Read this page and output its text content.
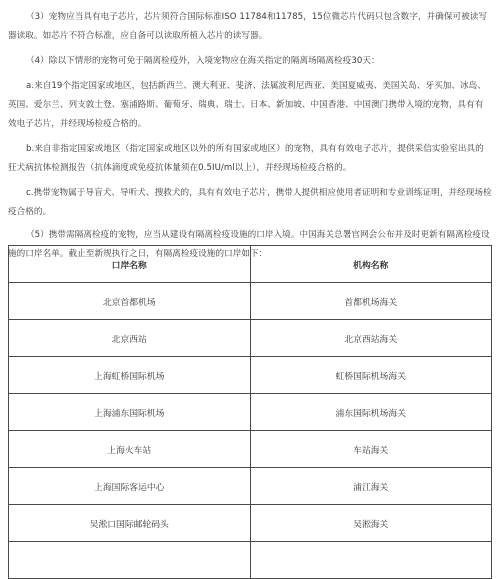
（3）宠物应当具有电子芯片，芯片须符合国际标准ISO 11784和11785，15位微芯片代码只包含数字，并确保可被读写器读取。如芯片不符合标准，应自备可以读取所植入芯片的读写器。

（4）除以下情形的宠物可免于隔离检疫外，入境宠物应在海关指定的隔离场隔离检疫30天：

a.来自19个指定国家或地区，包括新西兰、澳大利亚、斐济、法属波利尼西亚、美国夏威夷、美国关岛、牙买加、冰岛、英国、爱尔兰、列支敦士登、塞浦路斯、葡萄牙、瑞典、瑞士、日本、新加坡、中国香港、中国澳门携带入境的宠物，具有有效电子芯片，并经现场检疫合格的。

b.来自非指定国家或地区（指定国家或地区以外的所有国家或地区）的宠物，具有有效电子芯片，提供采信实验室出具的狂犬病抗体检测报告（抗体滴度或免疫抗体量须在0.5IU/ml以上），并经现场检疫合格的。

c.携带宠物属于导盲犬、导听犬、搜救犬的，具有有效电子芯片，携带人提供相应使用者证明和专业训练证明，并经现场检疫合格的。

（5）携带需隔离检疫的宠物，应当从建设有隔离检疫设施的口岸入境。中国海关总署官网会公布并及时更新有隔离检疫设施的口岸名单。截止至新规执行之日，有隔离检疫设施的口岸如下：

口岸名称	机构名称
北京首都机场	首都机场海关
北京西站	北京西站海关
上海虹桥国际机场	虹桥国际机场海关
上海浦东国际机场	浦东国际机场海关
上海火车站	车站海关
上海国际客运中心	浦江海关
吴淞口国际邮轮码头	吴淞海关
